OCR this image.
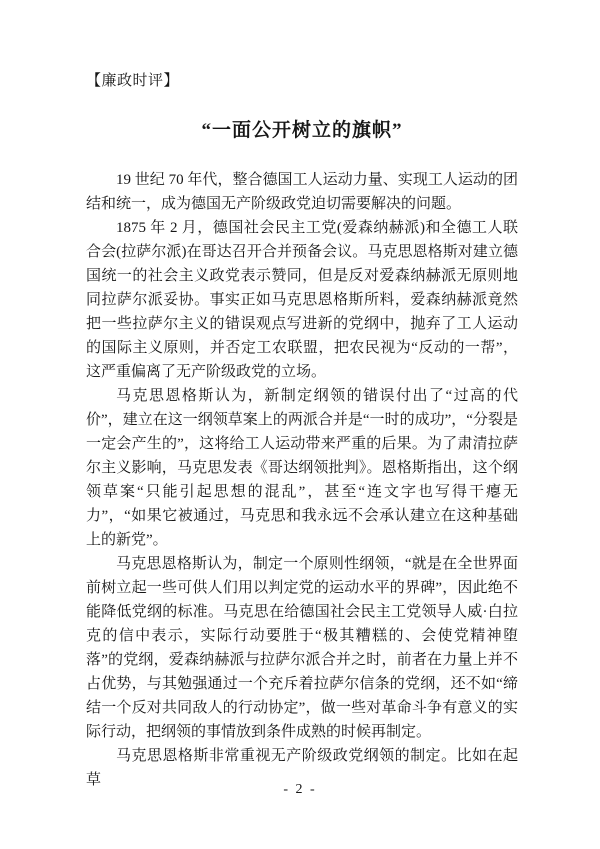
【廉政时评】
“一面公开树立的旗帜”

19 世纪 70 年代，整合德国工人运动力量、实现工人运动的团结和统一，成为德国无产阶级政党迫切需要解决的问题。

1875 年 2 月，德国社会民主工党(爱森纳赫派)和全德工人联合会(拉萨尔派)在哥达召开合并预备会议。马克思恩格斯对建立德国统一的社会主义政党表示赞同，但是反对爱森纳赫派无原则地同拉萨尔派妥协。事实正如马克思恩格斯所料，爱森纳赫派竟然把一些拉萨尔主义的错误观点写进新的党纲中，抛弃了工人运动的国际主义原则，并否定工农联盟，把农民视为“反动的一帮”，这严重偏离了无产阶级政党的立场。

马克思恩格斯认为，新制定纲领的错误付出了“过高的代价”，建立在这一纲领草案上的两派合并是“一时的成功”，“分裂是一定会产生的”，这将给工人运动带来严重的后果。为了肃清拉萨尔主义影响，马克思发表《哥达纲领批判》。恩格斯指出，这个纲领草案“只能引起思想的混乱”，甚至“连文字也写得干瘪无力”，“如果它被通过，马克思和我永远不会承认建立在这种基础上的新党”。

马克思恩格斯认为，制定一个原则性纲领，“就是在全世界面前树立起一些可供人们用以判定党的运动水平的界碑”，因此绝不能降低党纲的标准。马克思在给德国社会民主工党领导人威·白拉克的信中表示，实际行动要胜于“极其糟糕的、会使党精神堕落”的党纲，爱森纳赫派与拉萨尔派合并之时，前者在力量上并不占优势，与其勉强通过一个充斥着拉萨尔信条的党纲，还不如“缔结一个反对共同敌人的行动协定”，做一些对革命斗争有意义的实际行动，把纲领的事情放到条件成熟的时候再制定。

马克思恩格斯非常重视无产阶级政党纲领的制定。比如在起草

- 2 -
